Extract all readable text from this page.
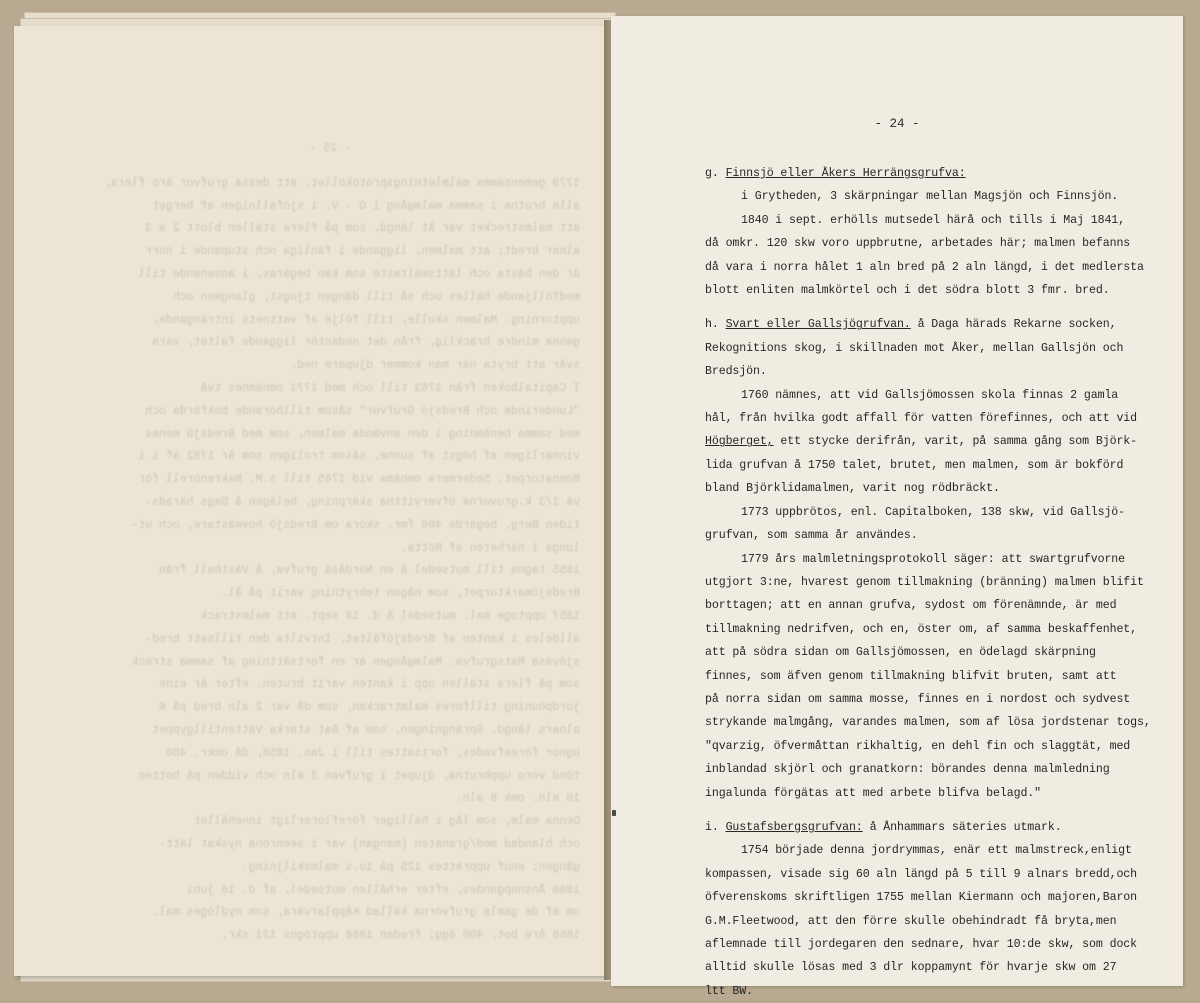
- 25 -
1779 gemensamma malmletningsprotokollet, att dessa grufvor äro flera,
alla brutna i samma malmgång i O - V. i sjöfallnigen af berget
att malmstrecket var åt längd, som på flera ställen blott 2 a 3
alnar bredt; att malmen, liggande i fänliga och stupande i norr
är den bästa och lättsmältaste som kan begäras, i ansenande till
medfölljande hälles och så till dängen tjugst, glangmen och
upptorning. Malmen skulle, till följe af vattnets inträngande,
ganna mindre bräcklig, från det nedantör liggande fältet, vara
svår att bryta när man kommer djupare ned.
I Capitalboken från 1763 till och med 1771 omnämnes två
"Lunderinda och Bredsjö Grufvor" såsom tillhörande bokförda och
med samma benämning i den använda malmen, som med Bredsjö menas
vinnarligen af högst af sunne, såsom troligen som år 1782 af i i
Bonnatorpet. Sedermera omnäma vid 1765 till s.M. Nakrenorell för
vä 1/3 k.gruvorna öfvervittna skärpning, belägen å Dags härads-
tiden Berg, begärde 400 fmr. sköra om Bredsjö hovmästare, och ut-
lunga i närheten af Rötta.
1855 tagna till mutsedel å en Nordåsä grufva, å Västhall från
Bredsjömarktorpet, som någon tebrytning varit på ål.
1857 upptoge mal. mutsedel å d. 18 sept. att malmstrack
alldeles i kanten af Bredsjöfältet, Intvilta den tillsatt bred-
sjöväsa Matsgrufva. Malmgången är en fortsättning af samma streck
som på flera ställen upp i kanten varit bruten. efter är eine
jordpöuning tillföres malmtrackan, som då var 2 aln bred på 6
alnars längd. Sprängningen, som af åat starka Vattentillgyppet
ugnor föreefvades, fortsattes till i Jan. 1858, då omkr. 400
tönd voro uppbrutna, djupet i grufvan 3 aln och vidden på botten
10 aln. omk 8 aln.
Denna malm, som låg i hälliger föreflorerligt innehållet
och blandad med/granaten (mangan) var i seenrona nyskat lätt-
gången; enuf upprättes 125 på 1o.s malmskiljning.
1866 Ånsnopgandes, efter erhållen mutsedel, af d. 16 juni
om af de gamla grufvorna kallad Kåpplarvara, som nydlöges mal.
1868 åre bot, 400 ägg; fredan 1868 upptogos 121 skr.
- 24 -

g. Finnsjö eller Åkers Herrängsgrufva:

i Grytheden, 3 skärpningar mellan Magsjön och Finnsjön.

1840 i sept. erhölls mutsedel härå och tills i Maj 1841,

då omkr. 120 skw voro uppbrutne, arbetades här; malmen befanns

då vara i norra hålet 1 aln bred på 2 aln längd, i det medlersta

blott enliten malmkörtel och i det södra blott 3 fmr. bred.

h. Svart eller Gallsjögrufvan. å Daga härads Rekarne socken,

Rekognitions skog, i skillnaden mot Åker, mellan Gallsjön och

Bredsjön.

1760 nämnes, att vid Gallsjömossen skola finnas 2 gamla

hål, från hvilka godt affall för vatten förefinnes, och att vid

Högberget, ett stycke derifrån, varit, på samma gång som Björk-

lida grufvan å 1750 talet, brutet, men malmen, som är bokförd

bland Björklidamalmen, varit nog rödbräckt.

1773 uppbrötos, enl. Capitalboken, 138 skw, vid Gallsjö-

grufvan, som samma år användes.

1779 års malmletningsprotokoll säger: att swartgrufvorne

utgjort 3:ne, hvarest genom tillmakning (bränning) malmen blifit

borttagen; att en annan grufva, sydost om förenämnde, är med

tillmakning nedrifven, och en, öster om, af samma beskaffenhet,

att på södra sidan om Gallsjömossen, en ödelagd skärpning

finnes, som äfven genom tillmakning blifvit bruten, samt att

på norra sidan om samma mosse, finnes en i nordost och sydvest

strykande malmgång, varandes malmen, som af lösa jordstenar togs,

"qvarzig, öfvermåttan rikhaltig, en dehl fin och slaggtät, med

inblandad skjörl och granatkorn: börandes denna malmledning

ingalunda förgätas att med arbete blifva belagd."

i. Gustafsbergsgrufvan: å Ånhammars säteries utmark.

1754 började denna jordrymmas, enär ett malmstreck,enligt

kompassen, visade sig 60 aln längd på 5 till 9 alnars bredd,och

öfverenskoms skriftligen 1755 mellan Kiermann och majoren,Baron

G.M.Fleetwood, att den förre skulle obehindradt få bryta,men

aflemnade till jordegaren den sednare, hvar 10:de skw, som dock

alltid skulle lösas med 3 dlr koppamynt för hvarje skw om 27

ltt BW.
